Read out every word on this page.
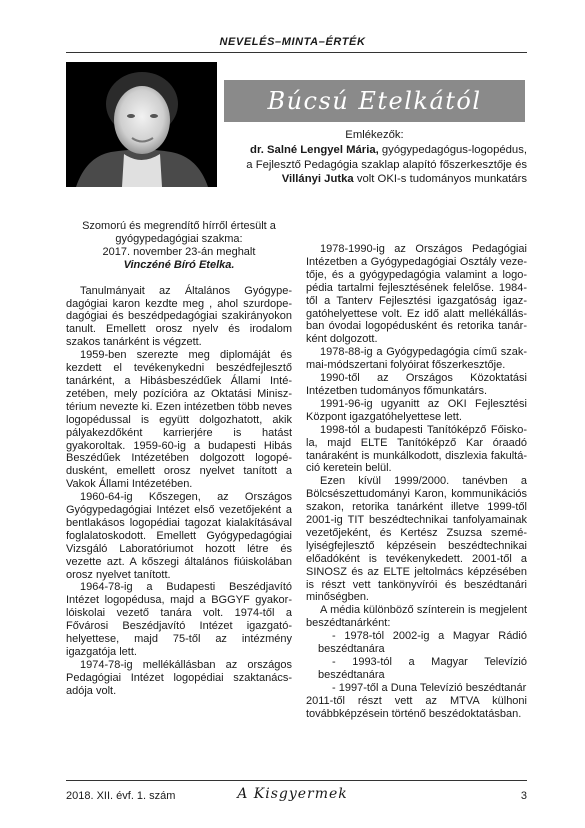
NEVELÉS–MINTA–ÉRTÉK
Búcsú Etelkától
Emlékezők:
dr. Salné Lengyel Mária, gyógypedagógus-logopédus,
a Fejlesztő Pedagógia szaklap alapító főszerkesztője és
Villányi Jutka volt OKI-s tudományos munkatárs

Szomorú és megrendítő hírről értesült a

gyógypedagógiai szakma:

2017. november 23-án meghalt

Vinczéné Bíró Etelka.

Tanulmányait az Általános Gyógypedagógiai karon kezdte meg , ahol szurdopedagógiai és beszédpedagógiai szakirányokon tanult. Emellett orosz nyelv és irodalom szakos tanárként is végzett.

1959-ben szerezte meg diplomáját és kezdett el tevékenykedni beszédfejlesztő tanárként, a Hibásbeszédűek Állami Intézetében, mely pozícióra az Oktatási Minisztérium nevezte ki. Ezen intézetben több neves logopédussal is együtt dolgozhatott, akik pályakezdőként karrierjére is hatást gyakoroltak. 1959-60-ig a budapesti Hibás Beszédűek Intézetében dolgozott logopédusként, emellett orosz nyelvet tanított a Vakok Állami Intézetében.

1960-64-ig Kőszegen, az Országos Gyógypedagógiai Intézet első vezetőjeként a bentlakásos logopédiai tagozat kialakításával foglalatoskodott. Emellett Gyógypedagógiai Vizsgáló Laboratóriumot hozott létre és vezette azt. A kőszegi általános fiúiskolában orosz nyelvet tanított.

1964-78-ig a Budapesti Beszédjavító Intézet logopédusa, majd a BGGYF gyakorlóiskolai vezető tanára volt. 1974-től a Fővárosi Beszédjavító Intézet igazgatóhelyettese, majd 75-től az intézmény igazgatója lett.

1974-78-ig mellékállásban az országos Pedagógiai Intézet logopédiai szaktanácsadója volt.

1978-1990-ig az Országos Pedagógiai Intézetben a Gyógypedagógiai Osztály vezetője, és a gyógypedagógia valamint a logopédia tartalmi fejlesztésének felelőse. 1984-től a Tanterv Fejlesztési igazgatóság igazgatóhelyettese volt. Ez idő alatt mellékállásban óvodai logopédusként és retorika tanárként dolgozott.

1978-88-ig a Gyógypedagógia című szakmai-módszertani folyóirat főszerkesztője.

1990-től az Országos Közoktatási Intézetben tudományos főmunkatárs.

1991-96-ig ugyanitt az OKI Fejlesztési Központ igazgatóhelyettese lett.

1998-tól a budapesti Tanítóképző Főiskola, majd ELTE Tanítóképző Kar óraadó tanáraként is munkálkodott, diszlexia fakultáció keretein belül.

Ezen kívül 1999/2000. tanévben a Bölcsészettudományi Karon, kommunikációs szakon, retorika tanárként illetve 1999-től 2001-ig TIT beszédtechnikai tanfolyamainak vezetőjeként, és Kertész Zsuzsa személyiségfejlesztő képzésein beszédtechnikai előadóként is tevékenykedett. 2001-től a SINOSZ és az ELTE jeltolmács képzésében is részt vett tankönyvírói és beszédtanári minőségben.

A média különböző színterein is megjelent beszédtanárként:

- 1978-tól 2002-ig a Magyar Rádió beszédtanára

- 1993-tól a Magyar Televízió beszédtanára

- 1997-től a Duna Televízió beszédtanár

2011-től részt vett az MTVA külhoni továbbképzésein történő beszédoktatásban.

2018. XII. évf. 1. szám	A Kisgyermek	3
